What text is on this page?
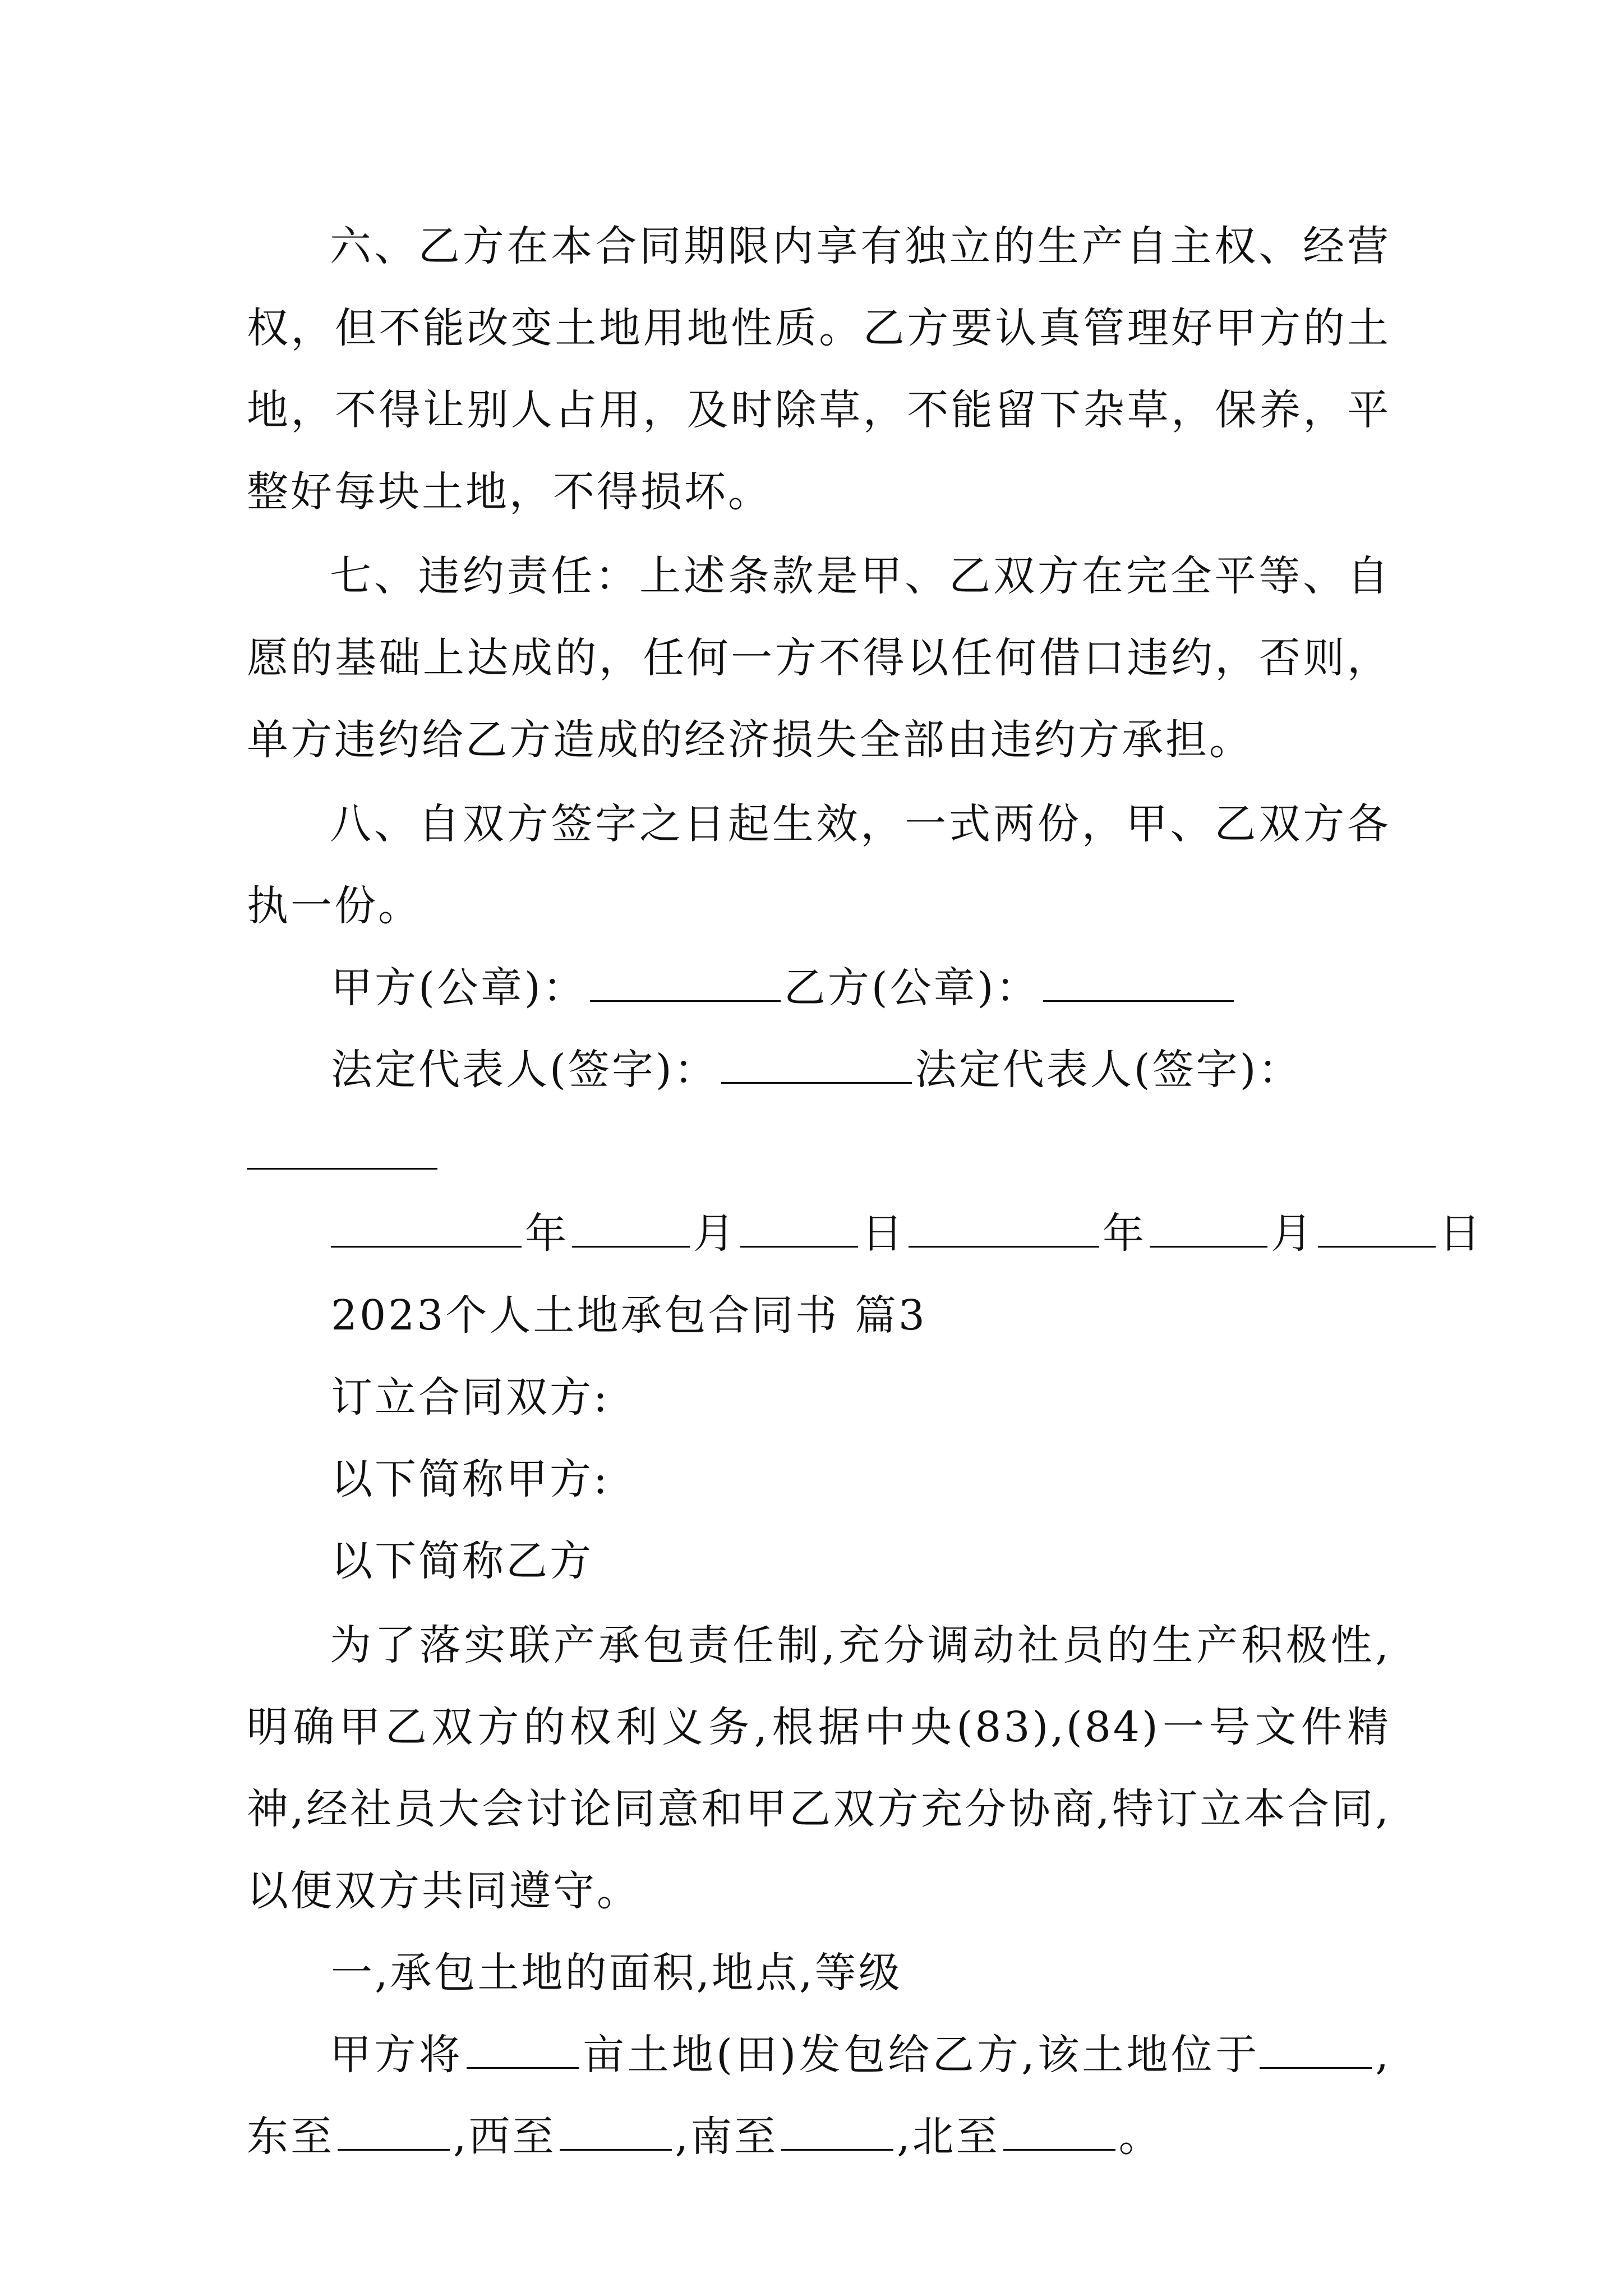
六、乙方在本合同期限内享有独立的生产自主权、经营权，但不能改变土地用地性质。乙方要认真管理好甲方的土地，不得让别人占用，及时除草，不能留下杂草，保养，平整好每块土地，不得损坏。

七、违约责任：上述条款是甲、乙双方在完全平等、自愿的基础上达成的，任何一方不得以任何借口违约，否则，单方违约给乙方造成的经济损失全部由违约方承担。

八、自双方签字之日起生效，一式两份，甲、乙双方各执一份。

甲方(公章)：	乙方(公章)：

法定代表人(签字)：	法定代表人(签字)：

年	月	日	年	月	日

2023个人土地承包合同书 篇3

订立合同双方:

以下简称甲方:

以下简称乙方

为了落实联产承包责任制,充分调动社员的生产积极性,明确甲乙双方的权利义务,根据中央(83),(84)一号文件精神,经社员大会讨论同意和甲乙双方充分协商,特订立本合同,以便双方共同遵守。

一,承包土地的面积,地点,等级

甲方将	亩土地(田)发包给乙方,该土地位于	,东至	,西至	,南至	,北至	。
